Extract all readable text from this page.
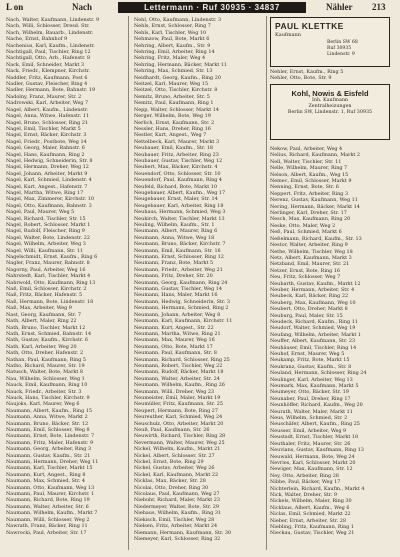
L on	Nach	Lettermann · Ruf 30935 · 34837	Nähler 213
Nach, Walter, Kaufmann, Lindenstr. 9
Nach, Willi, Schlosser, Dresd. Str.
Nach, Wilhelm, Bauarb., Lindenstr.
Nache, Ernst, Bahnhof 9
Nachenius, Karl, Kaufm., Lindenstr.
Nachtigall, Paul, Tischler, Ring 12
Nachtigall, Otto, Arb., Hafenstr. 8
Nack, Emil, Schneider, Markt 3
Nack, Friedr., Klempner, Kirchstr.
Naddler, Fritz, Kaufmann, Post 6
Nadler, Gustav, Fleischer, Ring 4
Nadler, Hermann, Bote, Bahnstr. 19
Nadolny, Franz, Maurer, Str. 2
Nadrowski, Karl, Arbeiter, Weg 7
Nagel, Albert, Kaufm., Lindenstr.
Nagel, Anna, Witwe, Hafenstr. 11
Nagel, Bruno, Schlosser, Ring 21
Nagel, Emil, Tischler, Markt 5
Nagel, Ernst, Bäcker, Kirchstr. 3
Nagel, Friedr., Postbote, Weg 14
Nagel, Georg, Maler, Bahnstr. 6
Nagel, Hans, Kaufmann, Ring 2
Nagel, Hedwig, Schneiderin, Str. 8
Nagel, Hermann, Dreher, Weg 12
Nagel, Johann, Arbeiter, Markt 9
Nagel, Karl, Schmied, Lindenstr. 4
Nagel, Kurt, Angest., Hafenstr. 7
Nagel, Martha, Witwe, Ring 17
Nagel, Max, Zimmerer, Kirchstr. 10
Nagel, Otto, Kaufmann, Bahnstr. 3
Nagel, Paul, Maurer, Weg 5
Nagel, Richard, Tischler, Str. 15
Nagel, Robert, Schlosser, Markt 1
Nagel, Rudolf, Fleischer, Ring 9
Nagel, Walter, Bote, Lindenstr. 22
Nagel, Wilhelm, Arbeiter, Weg 3
Nagel, Willi, Kaufmann, Str. 11
Nagelschmidt, Ernst, Kaufm., Ring 6
Nagler, Franz, Maurer, Bahnstr. 8
Nagorny, Paul, Arbeiter, Weg 16
Nahrstedt, Karl, Tischler, Markt 4
Nahrwold, Otto, Kaufmann, Ring 13
Naß, Emil, Schlosser, Kirchstr. 2
Naß, Fritz, Bäcker, Hafenstr. 5
Naß, Hermann, Bote, Lindenstr. 18
Naß, Max, Arbeiter, Weg 9
Nast, Georg, Kaufmann, Str. 7
Nath, Albert, Maler, Ring 22
Nath, Bruno, Tischler, Markt 12
Nath, Ernst, Schmied, Bahnstr. 14
Nath, Gustav, Kaufm., Kirchstr. 6
Nath, Karl, Arbeiter, Weg 20
Nath, Otto, Dreher, Hafenstr. 2
Nathan, Paul, Kaufmann, Ring 5
Natho, Richard, Maurer, Str. 19
Natusch, Walter, Bote, Markt 8
Nau, Wilhelm, Schlosser, Weg 1
Nauck, Emil, Kaufmann, Ring 10
Nauck, Friedr., Arbeiter, Str. 3
Nauck, Hans, Tischler, Kirchstr. 9
Naujoks, Karl, Maurer, Weg 6
Naumann, Albert, Kaufm., Ring 15
Naumann, Anna, Witwe, Markt 2
Naumann, Bruno, Bäcker, Str. 12
Naumann, Emil, Schlosser, Weg 8
Naumann, Ernst, Bote, Lindenstr. 7
Naumann, Fritz, Maler, Hafenstr. 9
Naumann, Georg, Arbeiter, Ring 3
Naumann, Gustav, Kaufm., Str. 21
Naumann, Hermann, Dreher, Weg 11
Naumann, Karl, Tischler, Markt 15
Naumann, Kurt, Angest., Ring 8
Naumann, Max, Schmied, Str. 4
Naumann, Otto, Kaufmann, Weg 13
Naumann, Paul, Maurer, Kirchstr. 1
Naumann, Richard, Bote, Ring 19
Naumann, Walter, Arbeiter, Str. 6
Naumann, Wilhelm, Kaufm., Markt 7
Naumann, Willi, Schlosser, Weg 2
Nawrath, Franz, Bäcker, Ring 11
Nawrocki, Paul, Arbeiter, Str. 17
Nehl, Otto, Kaufmann, Lindenstr. 3
Nehls, Ernst, Schlosser, Ring 7
Nehls, Karl, Tischler, Weg 10
Nehmzow, Paul, Bote, Markt 6
Nehring, Albert, Kaufm., Str. 9
Nehring, Emil, Arbeiter, Ring 14
Nehring, Fritz, Maler, Weg 4
Nehring, Hermann, Bäcker, Markt 11
Nehring, Max, Schmied, Str. 13
Neidhardt, Georg, Kaufm., Ring 20
Neitzel, Karl, Maurer, Weg 15
Neitzel, Otto, Tischler, Kirchstr. 8
Nemitz, Bruno, Arbeiter, Str. 5
Nemitz, Paul, Kaufmann, Ring 1
Nepp, Walter, Schlosser, Markt 14
Nerger, Wilhelm, Bote, Weg 19
Nerlich, Ernst, Kaufmann, Str. 2
Nessler, Hans, Dreher, Ring 16
Nestler, Kurt, Angest., Weg 7
Nettelbeck, Karl, Maurer, Markt 3
Neubauer, Emil, Kaufm., Str. 18
Neubauer, Fritz, Arbeiter, Ring 23
Neubauer, Gustav, Tischler, Weg 12
Neubert, Max, Bäcker, Kirchstr. 4
Neuendorf, Otto, Schlosser, Str. 10
Neuendorf, Paul, Kaufmann, Ring 4
Neufeld, Richard, Bote, Markt 10
Neugebauer, Albert, Kaufm., Weg 17
Neugebauer, Ernst, Maler, Str. 14
Neugebauer, Karl, Arbeiter, Ring 18
Neuhaus, Hermann, Schmied, Weg 3
Neukirch, Walter, Tischler, Markt 13
Neuling, Wilhelm, Kaufm., Str. 1
Neumann, Albert, Maurer, Ring 6
Neumann, Anna, Witwe, Weg 18
Neumann, Bruno, Bäcker, Kirchstr. 7
Neumann, Emil, Kaufmann, Str. 16
Neumann, Ernst, Schlosser, Ring 12
Neumann, Franz, Bote, Markt 5
Neumann, Friedr., Arbeiter, Weg 21
Neumann, Fritz, Dreher, Str. 20
Neumann, Georg, Kaufmann, Ring 24
Neumann, Gustav, Tischler, Weg 14
Neumann, Hans, Maler, Markt 16
Neumann, Hedwig, Schneiderin, Str. 3
Neumann, Hermann, Schmied, Ring 2
Neumann, Johann, Arbeiter, Weg 8
Neumann, Karl, Kaufmann, Kirchstr. 11
Neumann, Kurt, Angest., Str. 22
Neumann, Martha, Witwe, Ring 21
Neumann, Max, Maurer, Weg 16
Neumann, Otto, Bote, Markt 17
Neumann, Paul, Kaufmann, Str. 8
Neumann, Richard, Schlosser, Ring 25
Neumann, Robert, Tischler, Weg 22
Neumann, Rudolf, Bäcker, Markt 18
Neumann, Walter, Arbeiter, Str. 24
Neumann, Wilhelm, Kaufm., Ring 26
Neumann, Willi, Dreher, Weg 23
Neumeister, Emil, Maler, Markt 19
Neumüller, Fritz, Kaufmann, Str. 25
Neupert, Hermann, Bote, Ring 27
Neureuther, Karl, Schmied, Weg 24
Neuschulz, Otto, Arbeiter, Markt 20
Neuß, Paul, Kaufmann, Str. 26
Neuwirth, Richard, Tischler, Ring 28
Nevermann, Walter, Maurer, Weg 25
Nickel, Wilhelm, Kaufm., Markt 21
Nickel, Albert, Schlosser, Str. 27
Nickel, Ernst, Bote, Ring 29
Nickel, Gustav, Arbeiter, Weg 26
Nickel, Karl, Kaufmann, Markt 22
Nicklas, Max, Bäcker, Str. 28
Nicolai, Otto, Dreher, Ring 30
Nicolaus, Paul, Kaufmann, Weg 27
Niebuhr, Richard, Maler, Markt 23
Niedermeyer, Walter, Bote, Str. 29
Niehaus, Wilhelm, Kaufm., Ring 31
Niekisch, Emil, Tischler, Weg 28
Nielsen, Fritz, Arbeiter, Markt 24
Niemann, Hermann, Kaufmann, Str. 30
Niemeyer, Karl, Schlosser, Ring 32
PAUL KLETTKE
Kaufmann
Berlin SW 68
Ruf 30935
Lindenstr. 9
Nehler, Ernst, Kaufm., Ring 5
Nehler, Otto, Bote, Str. 9
Kohl, Nowis & Eisfeld
Inh. Kaufmann
Zentralheizungen
Berlin SW, Lindenstr. 1, Ruf 30935
Nekow, Paul, Arbeiter, Weg 4
Nelius, Richard, Kaufmann, Markt 2
Nell, Walter, Tischler, Str. 11
Nelle, Wilhelm, Maurer, Ring 7
Nelson, Albert, Kaufm., Weg 15
Nemec, Emil, Schlosser, Markt 9
Nenning, Ernst, Bote, Str. 6
Neppert, Fritz, Arbeiter, Ring 3
Nerenz, Gustav, Kaufmann, Weg 11
Nering, Hermann, Bäcker, Markt 14
Nerlinger, Karl, Dreher, Str. 17
Nesch, Max, Kaufmann, Ring 20
Neske, Otto, Maler, Weg 2
Neß, Paul, Schmied, Markt 6
Neßelmann, Richard, Kaufm., Str. 13
Nestor, Walter, Arbeiter, Ring 9
Nethe, Wilhelm, Tischler, Weg 18
Netz, Albert, Kaufmann, Markt 3
Netzband, Emil, Maurer, Str. 21
Netzer, Ernst, Bote, Ring 16
Neu, Fritz, Schlosser, Weg 7
Neubarth, Gustav, Kaufm., Markt 12
Neuber, Hermann, Arbeiter, Str. 4
Neubeck, Karl, Bäcker, Ring 22
Neuberg, Max, Kaufmann, Weg 10
Neubert, Otto, Dreher, Markt 8
Neuburg, Paul, Maler, Str. 15
Neudeck, Richard, Kaufm., Ring 11
Neudorf, Walter, Schmied, Weg 19
Neufang, Wilhelm, Arbeiter, Markt 1
Neuffer, Albert, Kaufmann, Str. 23
Neuhäuser, Emil, Tischler, Ring 14
Neuhof, Ernst, Maurer, Weg 5
Neukamp, Fritz, Bote, Markt 15
Neukranz, Gustav, Kaufm., Str. 8
Neuland, Hermann, Schlosser, Ring 24
Neulinger, Karl, Arbeiter, Weg 13
Neumark, Max, Kaufmann, Markt 5
Neumeyer, Otto, Bäcker, Str. 19
Neunaber, Paul, Dreher, Ring 17
Neunhöffer, Richard, Kaufm., Weg 20
Neurath, Walter, Maler, Markt 11
Neus, Wilhelm, Schmied, Str. 2
Neuschäfer, Albert, Kaufm., Ring 25
Neusser, Emil, Arbeiter, Weg 9
Neustadt, Ernst, Tischler, Markt 18
Neuthaler, Fritz, Maurer, Str. 26
Neuvians, Gustav, Kaufmann, Ring 13
Neuwald, Hermann, Bote, Weg 24
Nevries, Karl, Schlosser, Markt 20
Newiger, Max, Kaufmann, Str. 12
Ney, Otto, Arbeiter, Ring 28
Nibbe, Paul, Bäcker, Weg 17
Nichterlein, Richard, Kaufm., Markt 4
Nick, Walter, Dreher, Str. 9
Nickels, Wilhelm, Maler, Ring 30
Nicklaus, Albert, Kaufm., Weg 6
Niclas, Emil, Schmied, Markt 22
Nieber, Ernst, Arbeiter, Str. 28
Niebling, Fritz, Kaufmann, Ring 1
Nieckau, Gustav, Tischler, Weg 21
